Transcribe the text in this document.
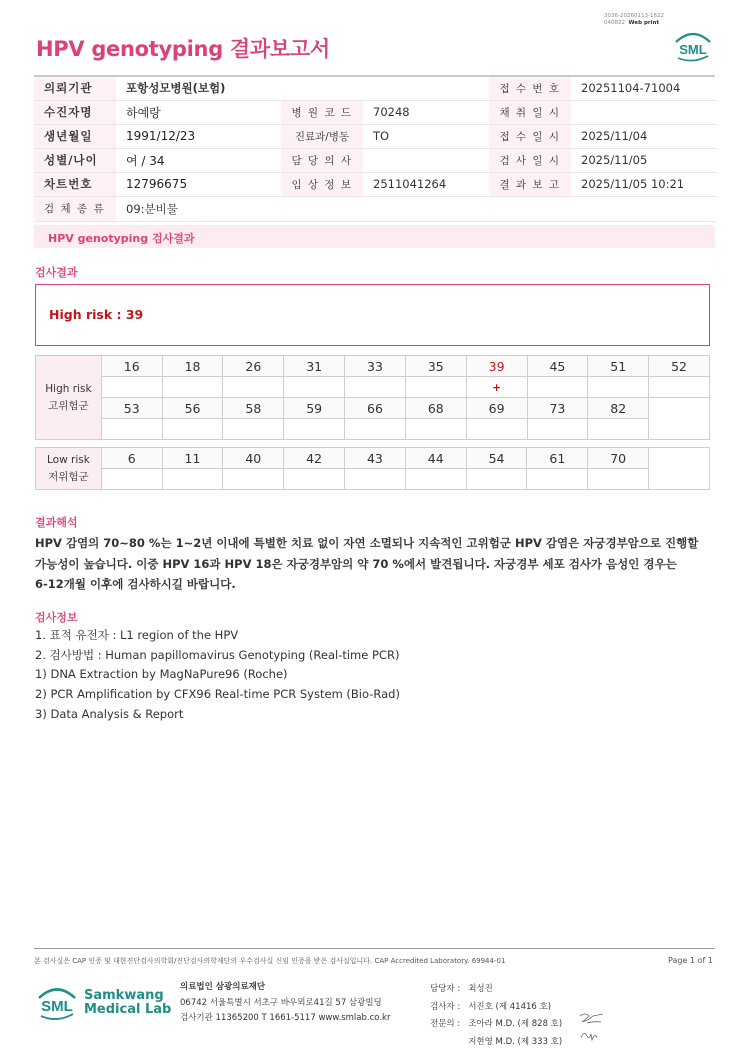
3036-20260113-1622
040822 Web print
HPV genotyping 결과보고서	SML
의뢰기관	포항성모병원(보험)			접 수 번 호	20251104-71004
수진자명	하예랑	병 원 코 드	70248	채 취 일 시	
생년월일	1991/12/23	진료과/병동	TO	접 수 일 시	2025/11/04
성별/나이	여 / 34	담 당 의 사		검 사 일 시	2025/11/05
차트번호	12796675	임 상 정 보	2511041264	결 과 보 고	2025/11/05 10:21
검 체 종 류	09:분비물				
HPV genotyping 검사결과
검사결과
High risk : 39
High risk
고위험군	16	18	26	31	33	35	39	45	51	52
							+			
	53	56	58	59	66	68	69	73	82	

Low risk
저위험군	6	11	40	42	43	44	54	61	70	

결과해석
HPV 감염의 70~80 %는 1~2년 이내에 특별한 치료 없이 자연 소멸되나 지속적인 고위험군 HPV 감염은 자궁경부암으로 진행할
가능성이 높습니다. 이중 HPV 16과 HPV 18은 자궁경부암의 약 70 %에서 발견됩니다. 자궁경부 세포 검사가 음성인 경우는
6-12개월 이후에 검사하시길 바랍니다.
검사정보
1. 표적 유전자 : L1 region of the HPV
2. 검사방법 : Human papillomavirus Genotyping (Real-time PCR)
1) DNA Extraction by MagNaPure96 (Roche)
2) PCR Amplification by CFX96 Real-time PCR System (Bio-Rad)
3) Data Analysis & Report
본 검사실은 CAP 인증 및 대한진단검사의학회/진단검사의학재단의 우수검사실 신임 인증을 받은 검사실입니다. CAP Accredited Laboratory. 69944-01	Page 1 of 1
SML
Samkwang
Medical Lab
의료법인 삼광의료재단
06742 서울특별시 서초구 바우뫼로41길 57 삼광빌딩
검사기관 11365200 T 1661-5117 www.smlab.co.kr
담당자 :	최성진
검사자 :	서진호 (제 41416 호)
전문의 :	조아라 M.D. (제 828 호)
	지현영 M.D. (제 333 호)
